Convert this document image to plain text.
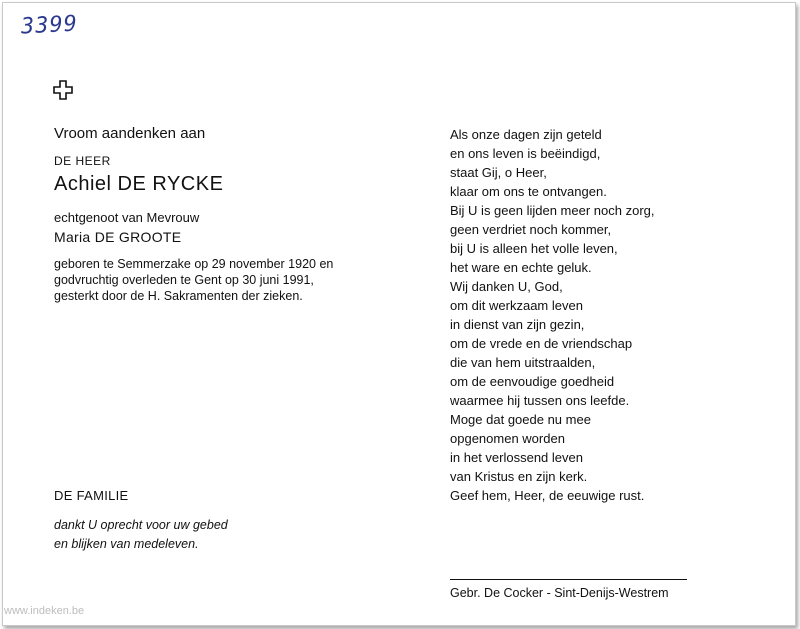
3399
Vroom aandenken aan
DE HEER
Achiel DE RYCKE
echtgenoot van Mevrouw
Maria DE GROOTE
geboren te Semmerzake op 29 november 1920 en
godvruchtig overleden te Gent op 30 juni 1991,
gesterkt door de H. Sakramenten der zieken.
DE FAMILIE
dankt U oprecht voor uw gebed
en blijken van medeleven.
Als onze dagen zijn geteld
en ons leven is beëindigd,
staat Gij, o Heer,
klaar om ons te ontvangen.
Bij U is geen lijden meer noch zorg,
geen verdriet noch kommer,
bij U is alleen het volle leven,
het ware en echte geluk.
Wij danken U, God,
om dit werkzaam leven
in dienst van zijn gezin,
om de vrede en de vriendschap
die van hem uitstraalden,
om de eenvoudige goedheid
waarmee hij tussen ons leefde.
Moge dat goede nu mee
opgenomen worden
in het verlossend leven
van Kristus en zijn kerk.
Geef hem, Heer, de eeuwige rust.
Gebr. De Cocker - Sint-Denijs-Westrem
www.indeken.be
